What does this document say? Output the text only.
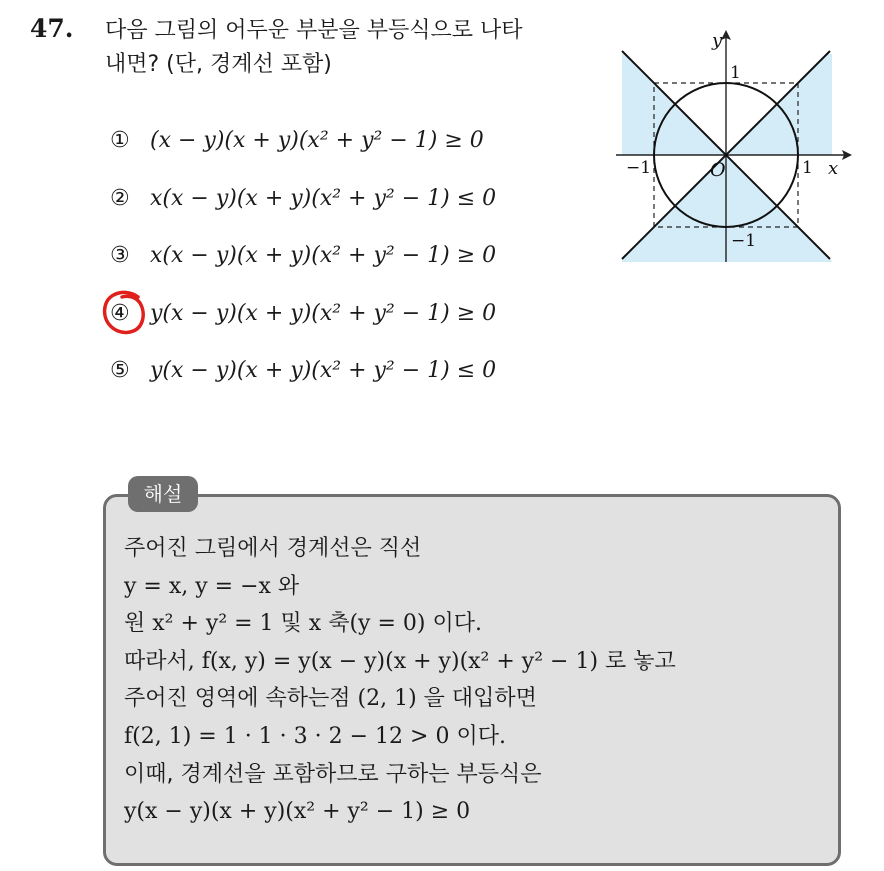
47. 다음 그림의 어두운 부분을 부등식으로 나타
내면? (단, 경계선 포함)
① (x − y)(x + y)(x² + y² − 1) ≥ 0
② x(x − y)(x + y)(x² + y² − 1) ≤ 0
③ x(x − y)(x + y)(x² + y² − 1) ≥ 0
④ y(x − y)(x + y)(x² + y² − 1) ≥ 0
⑤ y(x − y)(x + y)(x² + y² − 1) ≤ 0
y
x
O
−1	1
1
−1
해설
주어진 그림에서 경계선은 직선
y = x, y = −x 와
원 x² + y² = 1 및 x 축(y = 0) 이다.
따라서, f(x, y) = y(x − y)(x + y)(x² + y² − 1) 로 놓고
주어진 영역에 속하는점 (2, 1) 을 대입하면
f(2, 1) = 1 · 1 · 3 · 2 − 12 > 0 이다.
이때, 경계선을 포함하므로 구하는 부등식은
y(x − y)(x + y)(x² + y² − 1) ≥ 0
